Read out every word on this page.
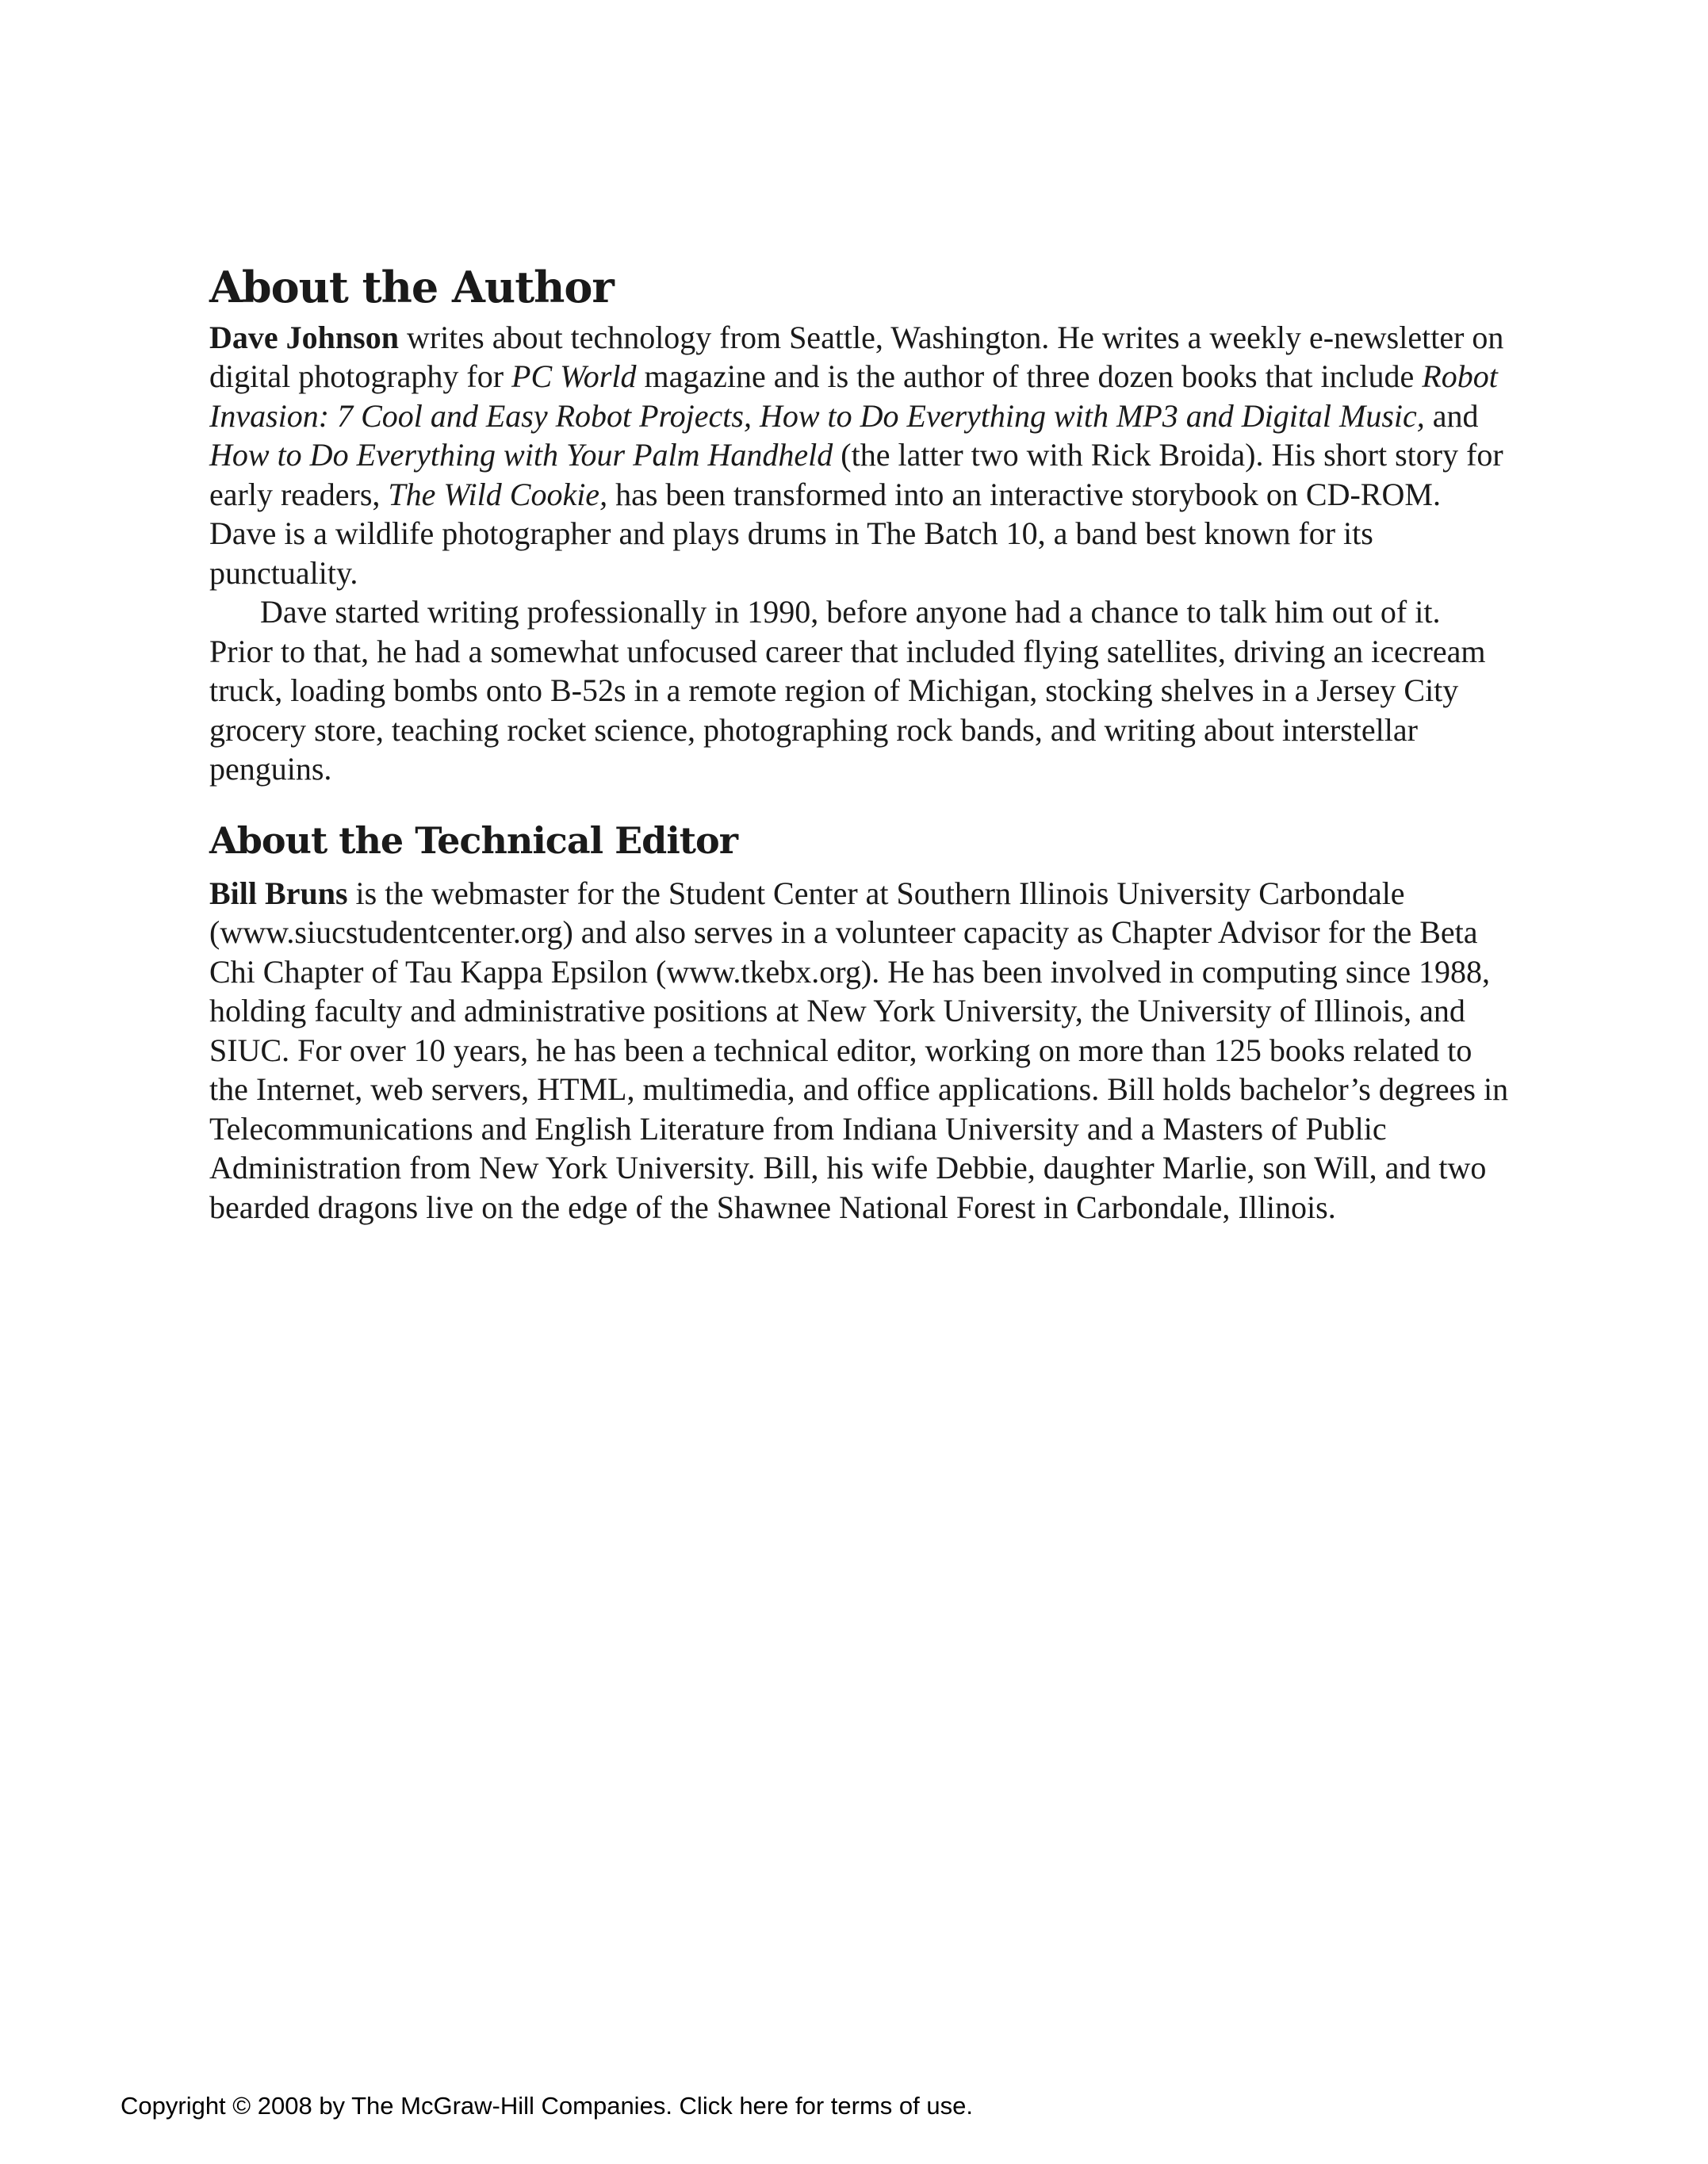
About the Author

Dave Johnson writes about technology from Seattle, Washington. He writes a weekly e-newsletter on digital photography for PC World magazine and is the author of three dozen books that include Robot Invasion: 7 Cool and Easy Robot Projects, How to Do Everything with MP3 and Digital Music, and How to Do Everything with Your Palm Handheld (the latter two with Rick Broida). His short story for early readers, The Wild Cookie, has been transformed into an interactive storybook on CD-ROM. Dave is a wildlife photographer and plays drums in The Batch 10, a band best known for its punctuality.

Dave started writing professionally in 1990, before anyone had a chance to talk him out of it. Prior to that, he had a somewhat unfocused career that included flying satellites, driving an icecream truck, loading bombs onto B-52s in a remote region of Michigan, stocking shelves in a Jersey City grocery store, teaching rocket science, photographing rock bands, and writing about interstellar penguins.

About the Technical Editor

Bill Bruns is the webmaster for the Student Center at Southern Illinois University Carbondale (www.siucstudentcenter.org) and also serves in a volunteer capacity as Chapter Advisor for the Beta Chi Chapter of Tau Kappa Epsilon (www.tkebx.org). He has been involved in computing since 1988, holding faculty and administrative positions at New York University, the University of Illinois, and SIUC. For over 10 years, he has been a technical editor, working on more than 125 books related to the Internet, web servers, HTML, multimedia, and office applications. Bill holds bachelor’s degrees in Telecommunications and English Literature from Indiana University and a Masters of Public Administration from New York University. Bill, his wife Debbie, daughter Marlie, son Will, and two bearded dragons live on the edge of the Shawnee National Forest in Carbondale, Illinois.

Copyright © 2008 by The McGraw-Hill Companies. Click here for terms of use.
